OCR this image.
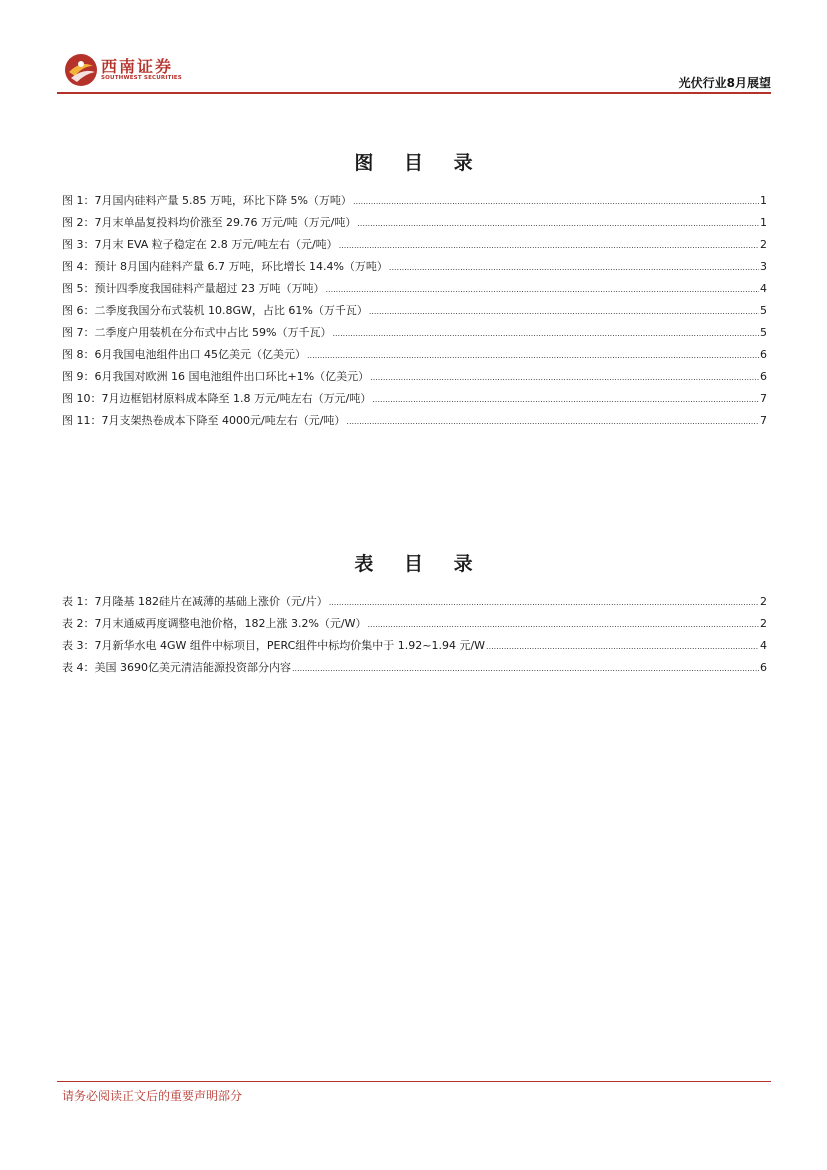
西南证券
SOUTHWEST SECURITIES	光伏行业8月展望
图 目 录
图 1：7月国内硅料产量 5.85 万吨，环比下降 5%（万吨） .....	1
图 2：7月末单晶复投料均价涨至 29.76 万元/吨（万元/吨） .....	1
图 3：7月末 EVA 粒子稳定在 2.8 万元/吨左右（元/吨） .....	2
图 4：预计 8月国内硅料产量 6.7 万吨，环比增长 14.4%（万吨） .....	3
图 5：预计四季度我国硅料产量超过 23 万吨（万吨） .....	4
图 6：二季度我国分布式装机 10.8GW，占比 61%（万千瓦） .....	5
图 7：二季度户用装机在分布式中占比 59%（万千瓦） .....	5
图 8：6月我国电池组件出口 45亿美元（亿美元） .....	6
图 9：6月我国对欧洲 16 国电池组件出口环比+1%（亿美元） .....	6
图 10：7月边框铝材原料成本降至 1.8 万元/吨左右（万元/吨） .....	7
图 11：7月支架热卷成本下降至 4000元/吨左右（元/吨） .....	7
表 目 录
表 1：7月隆基 182硅片在减薄的基础上涨价（元/片） .....	2
表 2：7月末通威再度调整电池价格，182上涨 3.2%（元/W） .....	2
表 3：7月新华水电 4GW 组件中标项目，PERC组件中标均价集中于 1.92~1.94 元/W .....	4
表 4：美国 3690亿美元清洁能源投资部分内容 .....	6
请务必阅读正文后的重要声明部分
